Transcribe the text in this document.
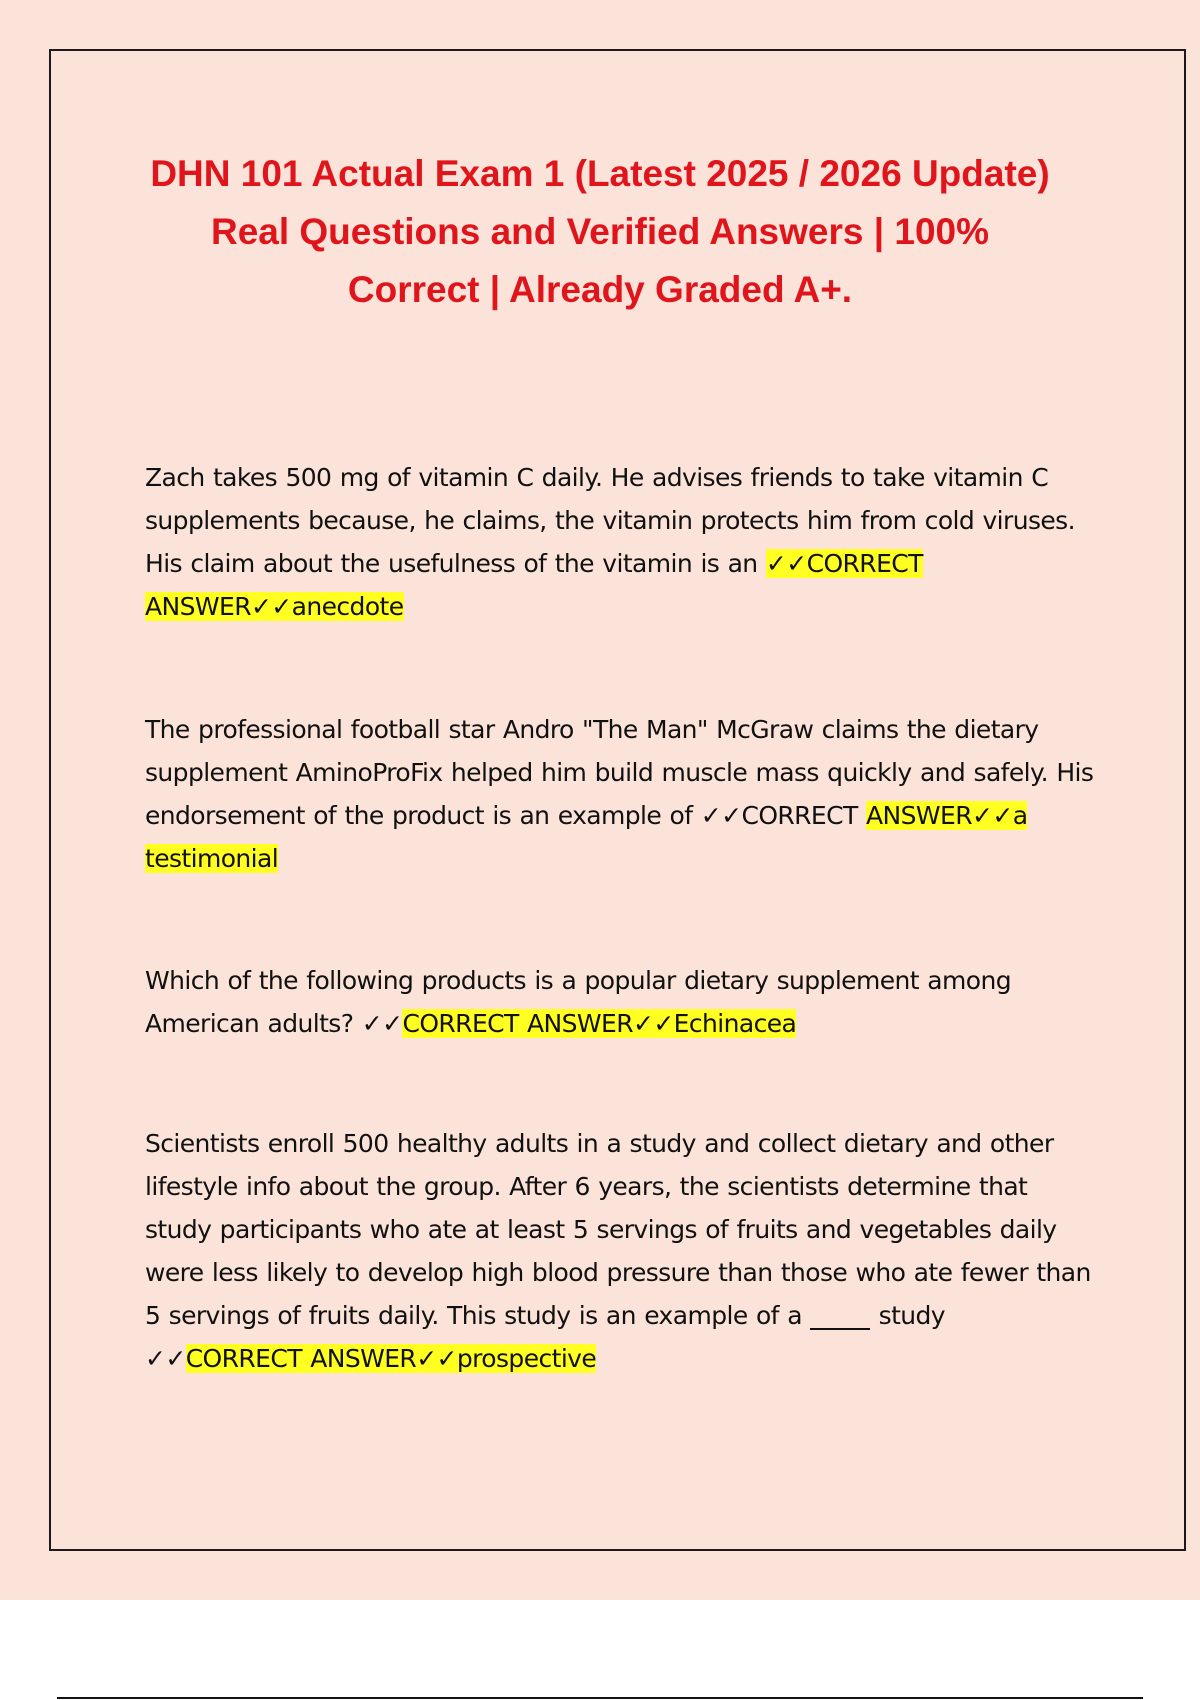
DHN 101 Actual Exam 1 (Latest 2025 / 2026 Update) Real Questions and Verified Answers | 100% Correct | Already Graded A+.

Zach takes 500 mg of vitamin C daily. He advises friends to take vitamin C supplements because, he claims, the vitamin protects him from cold viruses. His claim about the usefulness of the vitamin is an ✓✓CORRECT ANSWER✓✓anecdote

The professional football star Andro "The Man" McGraw claims the dietary supplement AminoProFix helped him build muscle mass quickly and safely. His endorsement of the product is an example of ✓✓CORRECT ANSWER✓✓a testimonial

Which of the following products is a popular dietary supplement among American adults? ✓✓CORRECT ANSWER✓✓Echinacea

Scientists enroll 500 healthy adults in a study and collect dietary and other lifestyle info about the group. After 6 years, the scientists determine that study participants who ate at least 5 servings of fruits and vegetables daily were less likely to develop high blood pressure than those who ate fewer than 5 servings of fruits daily. This study is an example of a	study ✓✓CORRECT ANSWER✓✓prospective
